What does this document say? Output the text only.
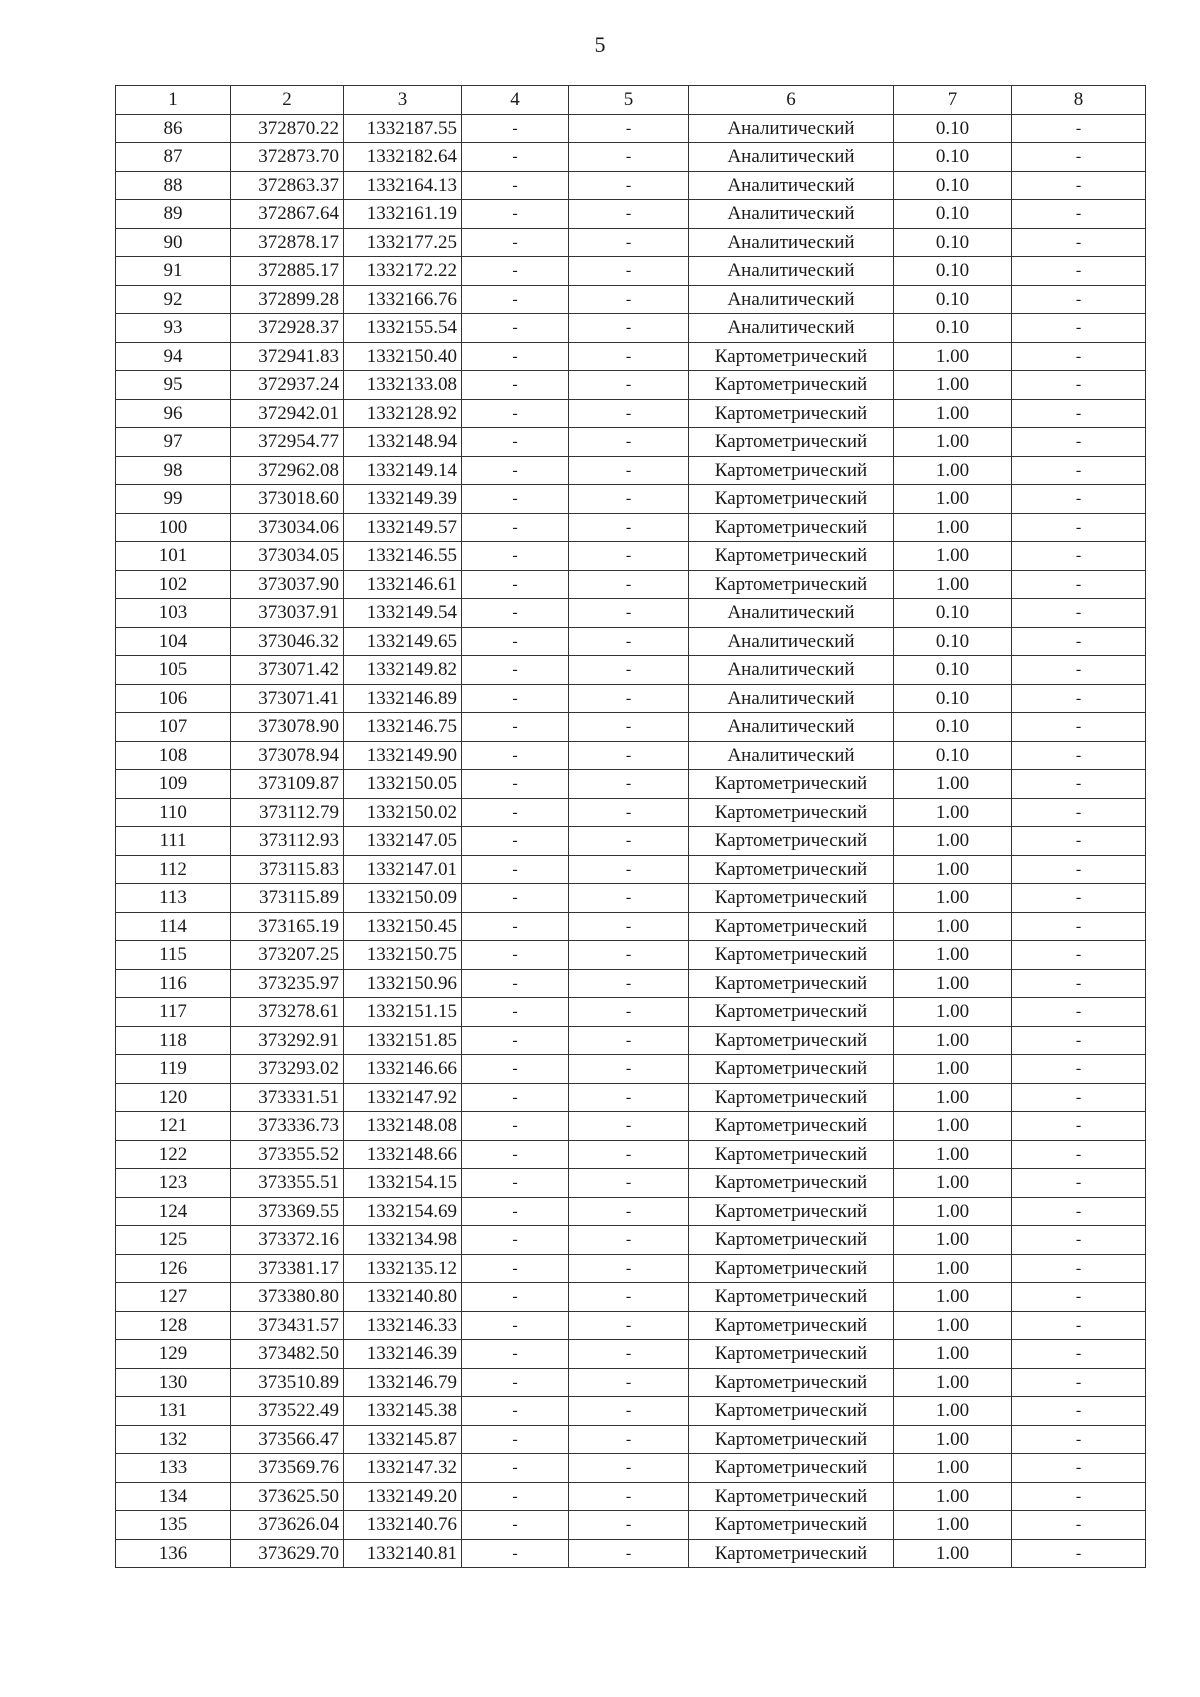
5
1	2	3	4	5	6	7	8
86	372870.22	1332187.55	-	-	Аналитический	0.10	-
87	372873.70	1332182.64	-	-	Аналитический	0.10	-
88	372863.37	1332164.13	-	-	Аналитический	0.10	-
89	372867.64	1332161.19	-	-	Аналитический	0.10	-
90	372878.17	1332177.25	-	-	Аналитический	0.10	-
91	372885.17	1332172.22	-	-	Аналитический	0.10	-
92	372899.28	1332166.76	-	-	Аналитический	0.10	-
93	372928.37	1332155.54	-	-	Аналитический	0.10	-
94	372941.83	1332150.40	-	-	Картометрический	1.00	-
95	372937.24	1332133.08	-	-	Картометрический	1.00	-
96	372942.01	1332128.92	-	-	Картометрический	1.00	-
97	372954.77	1332148.94	-	-	Картометрический	1.00	-
98	372962.08	1332149.14	-	-	Картометрический	1.00	-
99	373018.60	1332149.39	-	-	Картометрический	1.00	-
100	373034.06	1332149.57	-	-	Картометрический	1.00	-
101	373034.05	1332146.55	-	-	Картометрический	1.00	-
102	373037.90	1332146.61	-	-	Картометрический	1.00	-
103	373037.91	1332149.54	-	-	Аналитический	0.10	-
104	373046.32	1332149.65	-	-	Аналитический	0.10	-
105	373071.42	1332149.82	-	-	Аналитический	0.10	-
106	373071.41	1332146.89	-	-	Аналитический	0.10	-
107	373078.90	1332146.75	-	-	Аналитический	0.10	-
108	373078.94	1332149.90	-	-	Аналитический	0.10	-
109	373109.87	1332150.05	-	-	Картометрический	1.00	-
110	373112.79	1332150.02	-	-	Картометрический	1.00	-
111	373112.93	1332147.05	-	-	Картометрический	1.00	-
112	373115.83	1332147.01	-	-	Картометрический	1.00	-
113	373115.89	1332150.09	-	-	Картометрический	1.00	-
114	373165.19	1332150.45	-	-	Картометрический	1.00	-
115	373207.25	1332150.75	-	-	Картометрический	1.00	-
116	373235.97	1332150.96	-	-	Картометрический	1.00	-
117	373278.61	1332151.15	-	-	Картометрический	1.00	-
118	373292.91	1332151.85	-	-	Картометрический	1.00	-
119	373293.02	1332146.66	-	-	Картометрический	1.00	-
120	373331.51	1332147.92	-	-	Картометрический	1.00	-
121	373336.73	1332148.08	-	-	Картометрический	1.00	-
122	373355.52	1332148.66	-	-	Картометрический	1.00	-
123	373355.51	1332154.15	-	-	Картометрический	1.00	-
124	373369.55	1332154.69	-	-	Картометрический	1.00	-
125	373372.16	1332134.98	-	-	Картометрический	1.00	-
126	373381.17	1332135.12	-	-	Картометрический	1.00	-
127	373380.80	1332140.80	-	-	Картометрический	1.00	-
128	373431.57	1332146.33	-	-	Картометрический	1.00	-
129	373482.50	1332146.39	-	-	Картометрический	1.00	-
130	373510.89	1332146.79	-	-	Картометрический	1.00	-
131	373522.49	1332145.38	-	-	Картометрический	1.00	-
132	373566.47	1332145.87	-	-	Картометрический	1.00	-
133	373569.76	1332147.32	-	-	Картометрический	1.00	-
134	373625.50	1332149.20	-	-	Картометрический	1.00	-
135	373626.04	1332140.76	-	-	Картометрический	1.00	-
136	373629.70	1332140.81	-	-	Картометрический	1.00	-
